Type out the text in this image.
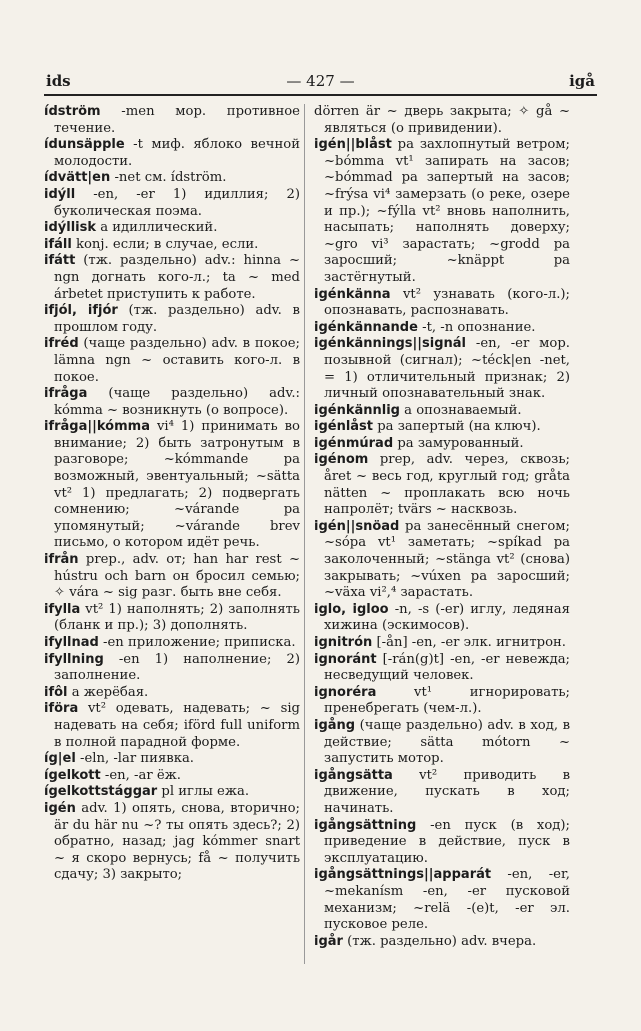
ids	— 427 —	igå
ídström -men мор. противное течение.
ídunsäpple -t миф. яблоко вечной молодости.
ídvätt|en -net см. ídström.
idýll -en, -er 1) идиллия; 2) буколическая поэма.
idýllisk a идиллический.
ifáll konj. если; в случае, если.
ifátt (тж. раздельно) adv.: hinna ~ ngn догнать кого-л.; ta ~ med árbetet приступить к работе.
ifjól, ifjór (тж. раздельно) adv. в прошлом году.
ifréd (чаще раздельно) adv. в покое; lämna ngn ~ оставить кого-л. в покое.
ifråga (чаще раздельно) adv.: kómma ~ возникнуть (о вопросе).
ifråga||kómma vi⁴ 1) принимать во внимание; 2) быть затронутым в разговоре; ~kómmande pa возможный, эвентуальный; ~sätta vt² 1) предлагать; 2) подвергать сомнению; ~várande pa упомянутый; ~várande brev письмо, о котором идёт речь.
ifrån prep., adv. от; han har rest ~ hústru och barn он бросил семью; ✧ vára ~ sig разг. быть вне себя.
ifylla vt² 1) наполнять; 2) заполнять (бланк и пр.); 3) дополнять.
ifyllnad -en приложение; приписка.
ifyllning -en 1) наполнение; 2) заполнение.
ifôl a жерёбая.
iföra vt² одевать, надевать; ~ sig надевать на себя; iförd full uniform в полной парадной форме.
íg|el -eln, -lar пиявка.
ígelkott -en, -ar ёж.
ígelkottstággar pl иглы ежа.
igén adv. 1) опять, снова, вторично; är du här nu ~? ты опять здесь?; 2) обратно, назад; jag kómmer snart ~ я скоро вернусь; få ~ получить сдачу; 3) закрыто;
dörren är ~ дверь закрыта; ✧ gå ~ являться (о привидении).
igén||blåst pa захлопнутый ветром; ~bómma vt¹ запирать на засов; ~bómmad pa запертый на засов; ~frýsa vi⁴ замерзать (о реке, озере и пр.); ~fýlla vt² вновь наполнить, насыпать; наполнять доверху; ~gro vi³ зарастать; ~grodd pa заросший; ~knäppt pa застёгнутый.
igénkänna vt² узнавать (кого-л.); опознавать, распознавать.
igénkännande -t, -n опознание.
igénkännings||signál -en, -er мор. позывной (сигнал); ~téck|en -net, = 1) отличительный признак; 2) личный опознавательный знак.
igénkännlig a опознаваемый.
igénlåst pa запертый (на ключ).
igénmúrad pa замурованный.
igénom prep, adv. через, сквозь; året ~ весь год, круглый год; gråta nätten ~ проплакать всю ночь напролёт; tvärs ~ насквозь.
igén||snöad pa занесённый снегом; ~sópa vt¹ заметать; ~spíkad pa заколоченный; ~stänga vt² (снова) закрывать; ~vúxen pa заросший; ~växa vi²,⁴ зарастать.
iglo, igloo -n, -s (-er) иглу, ледяная хижина (эскимосов).
ignitrón [-ån] -en, -er элк. игнитрон.
ignoránt [-rán(g)t] -en, -er невежда; несведущий человек.
ignoréra vt¹ игнорировать; пренебрегать (чем-л.).
igång (чаще раздельно) adv. в ход, в действие; sätta mótorn ~ запустить мотор.
igångsätta vt² приводить в движение, пускать в ход; начинать.
igångsättning -en пуск (в ход); приведение в действие, пуск в эксплуатацию.
igångsättnings||apparát -en, -er, ~mekanísm -en, -er пусковой механизм; ~relä -(e)t, -er эл. пусковое реле.
igår (тж. раздельно) adv. вчера.
